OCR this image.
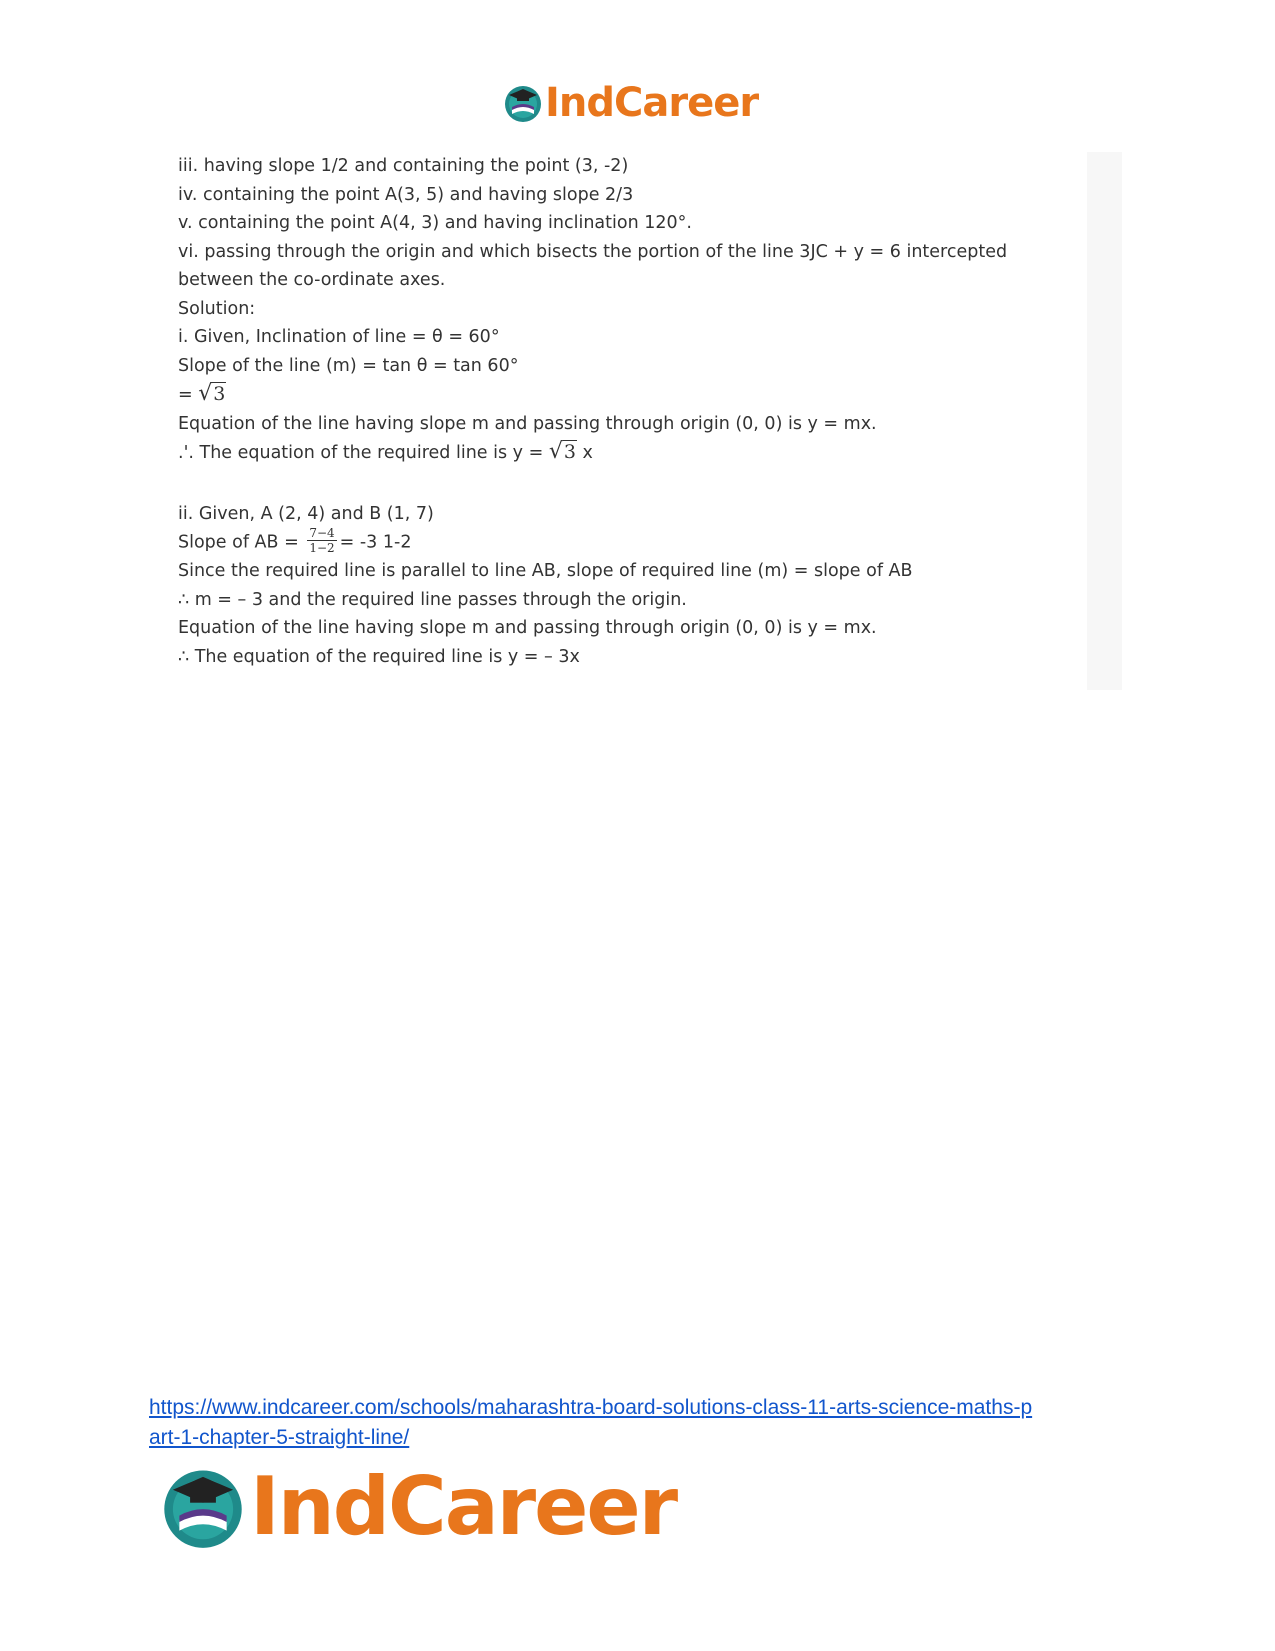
IndCareer
iii. having slope 1/2 and containing the point (3, -2)
iv. containing the point A(3, 5) and having slope 2/3
v. containing the point A(4, 3) and having inclination 120°.
vi. passing through the origin and which bisects the portion of the line 3JC + y = 6 intercepted
between the co-ordinate axes.
Solution:
i. Given, Inclination of line = θ = 60°
Slope of the line (m) = tan θ = tan 60°
= √3
Equation of the line having slope m and passing through origin (0, 0) is y = mx.
.'. The equation of the required line is y = √3 x
ii. Given, A (2, 4) and B (1, 7)
Slope of AB = $\frac{7-4}{1-2} = -3$ 1-2
Since the required line is parallel to line AB, slope of required line (m) = slope of AB
∴ m = – 3 and the required line passes through the origin.
Equation of the line having slope m and passing through origin (0, 0) is y = mx.
∴ The equation of the required line is y = – 3x
https://www.indcareer.com/schools/maharashtra-board-solutions-class-11-arts-science-maths-p
art-1-chapter-5-straight-line/
IndCareer
